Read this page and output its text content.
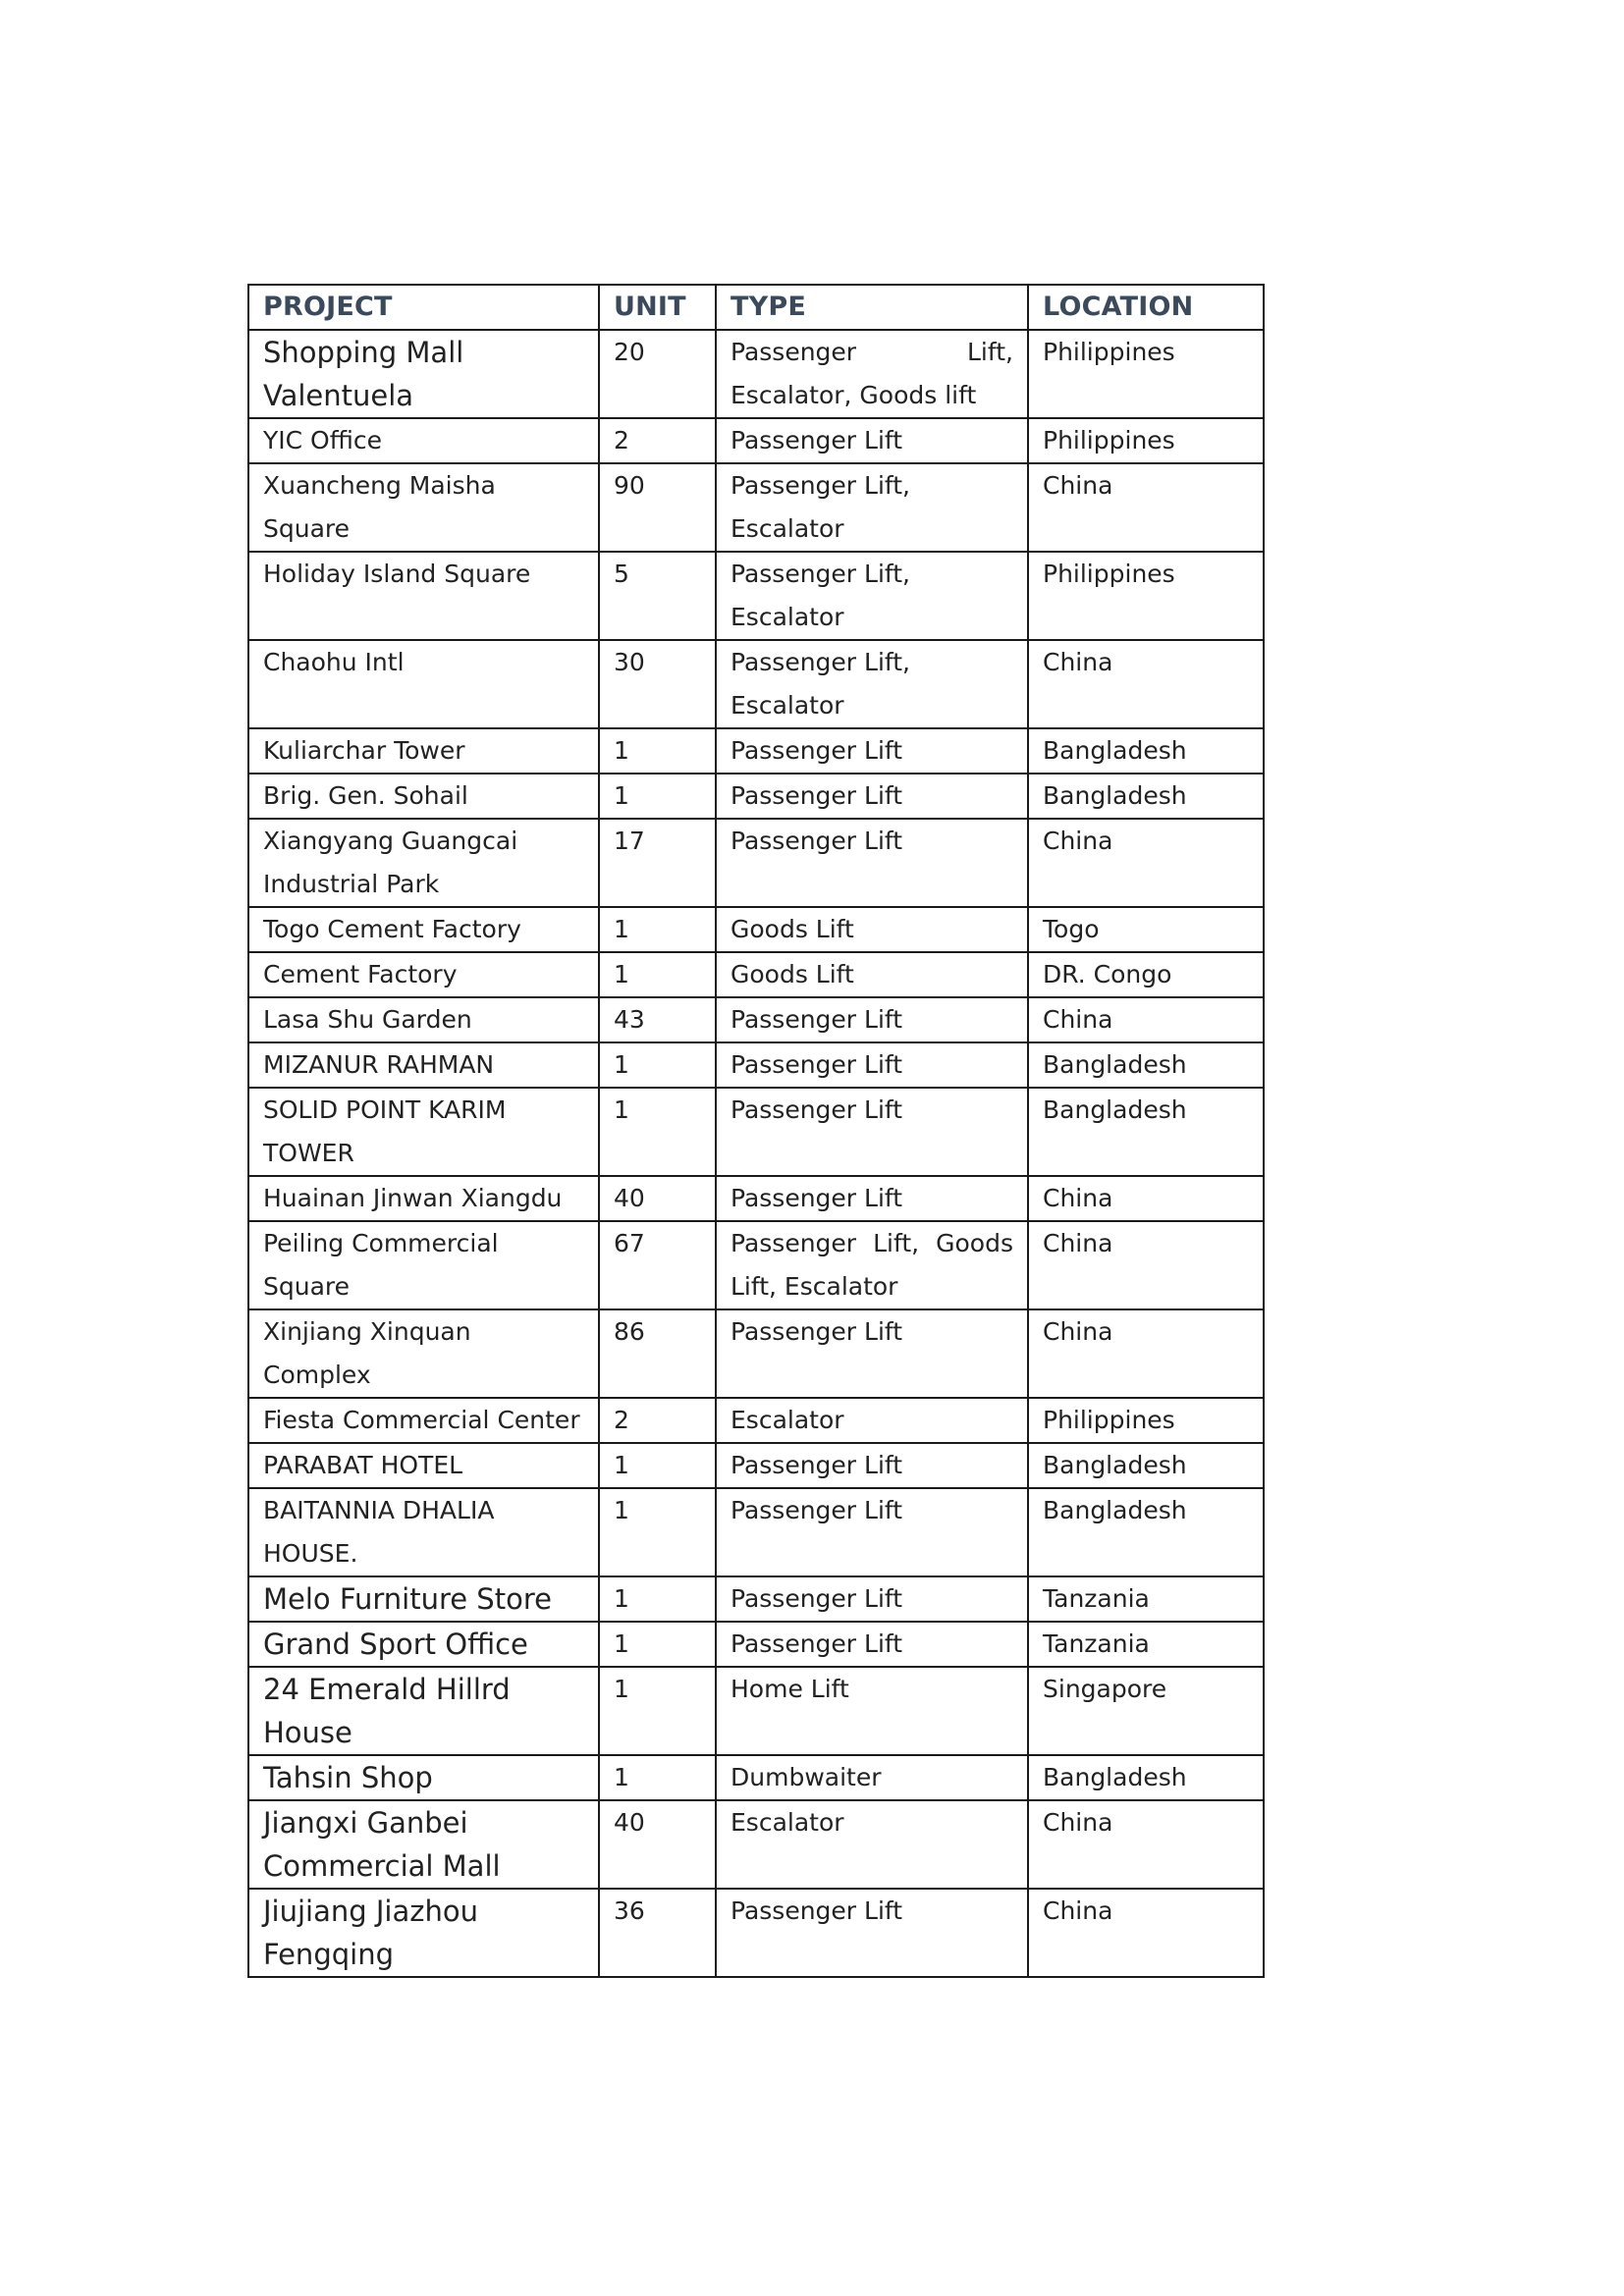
PROJECT	UNIT	TYPE	LOCATION
Shopping Mall Valentuela	20	Passenger Lift, Escalator, Goods lift	Philippines
YIC Office	2	Passenger Lift	Philippines
Xuancheng Maisha Square	90	Passenger Lift, Escalator	China
Holiday Island Square	5	Passenger Lift, Escalator	Philippines
Chaohu Intl	30	Passenger Lift, Escalator	China
Kuliarchar Tower	1	Passenger Lift	Bangladesh
Brig. Gen. Sohail	1	Passenger Lift	Bangladesh
Xiangyang Guangcai Industrial Park	17	Passenger Lift	China
Togo Cement Factory	1	Goods Lift	Togo
Cement Factory	1	Goods Lift	DR. Congo
Lasa Shu Garden	43	Passenger Lift	China
MIZANUR RAHMAN	1	Passenger Lift	Bangladesh
SOLID POINT KARIM TOWER	1	Passenger Lift	Bangladesh
Huainan Jinwan Xiangdu	40	Passenger Lift	China
Peiling Commercial Square	67	Passenger Lift, Goods Lift, Escalator	China
Xinjiang Xinquan Complex	86	Passenger Lift	China
Fiesta Commercial Center	2	Escalator	Philippines
PARABAT HOTEL	1	Passenger Lift	Bangladesh
BAITANNIA DHALIA HOUSE.	1	Passenger Lift	Bangladesh
Melo Furniture Store	1	Passenger Lift	Tanzania
Grand Sport Office	1	Passenger Lift	Tanzania
24 Emerald Hillrd House	1	Home Lift	Singapore
Tahsin Shop	1	Dumbwaiter	Bangladesh
Jiangxi Ganbei Commercial Mall	40	Escalator	China
Jiujiang Jiazhou Fengqing	36	Passenger Lift	China
